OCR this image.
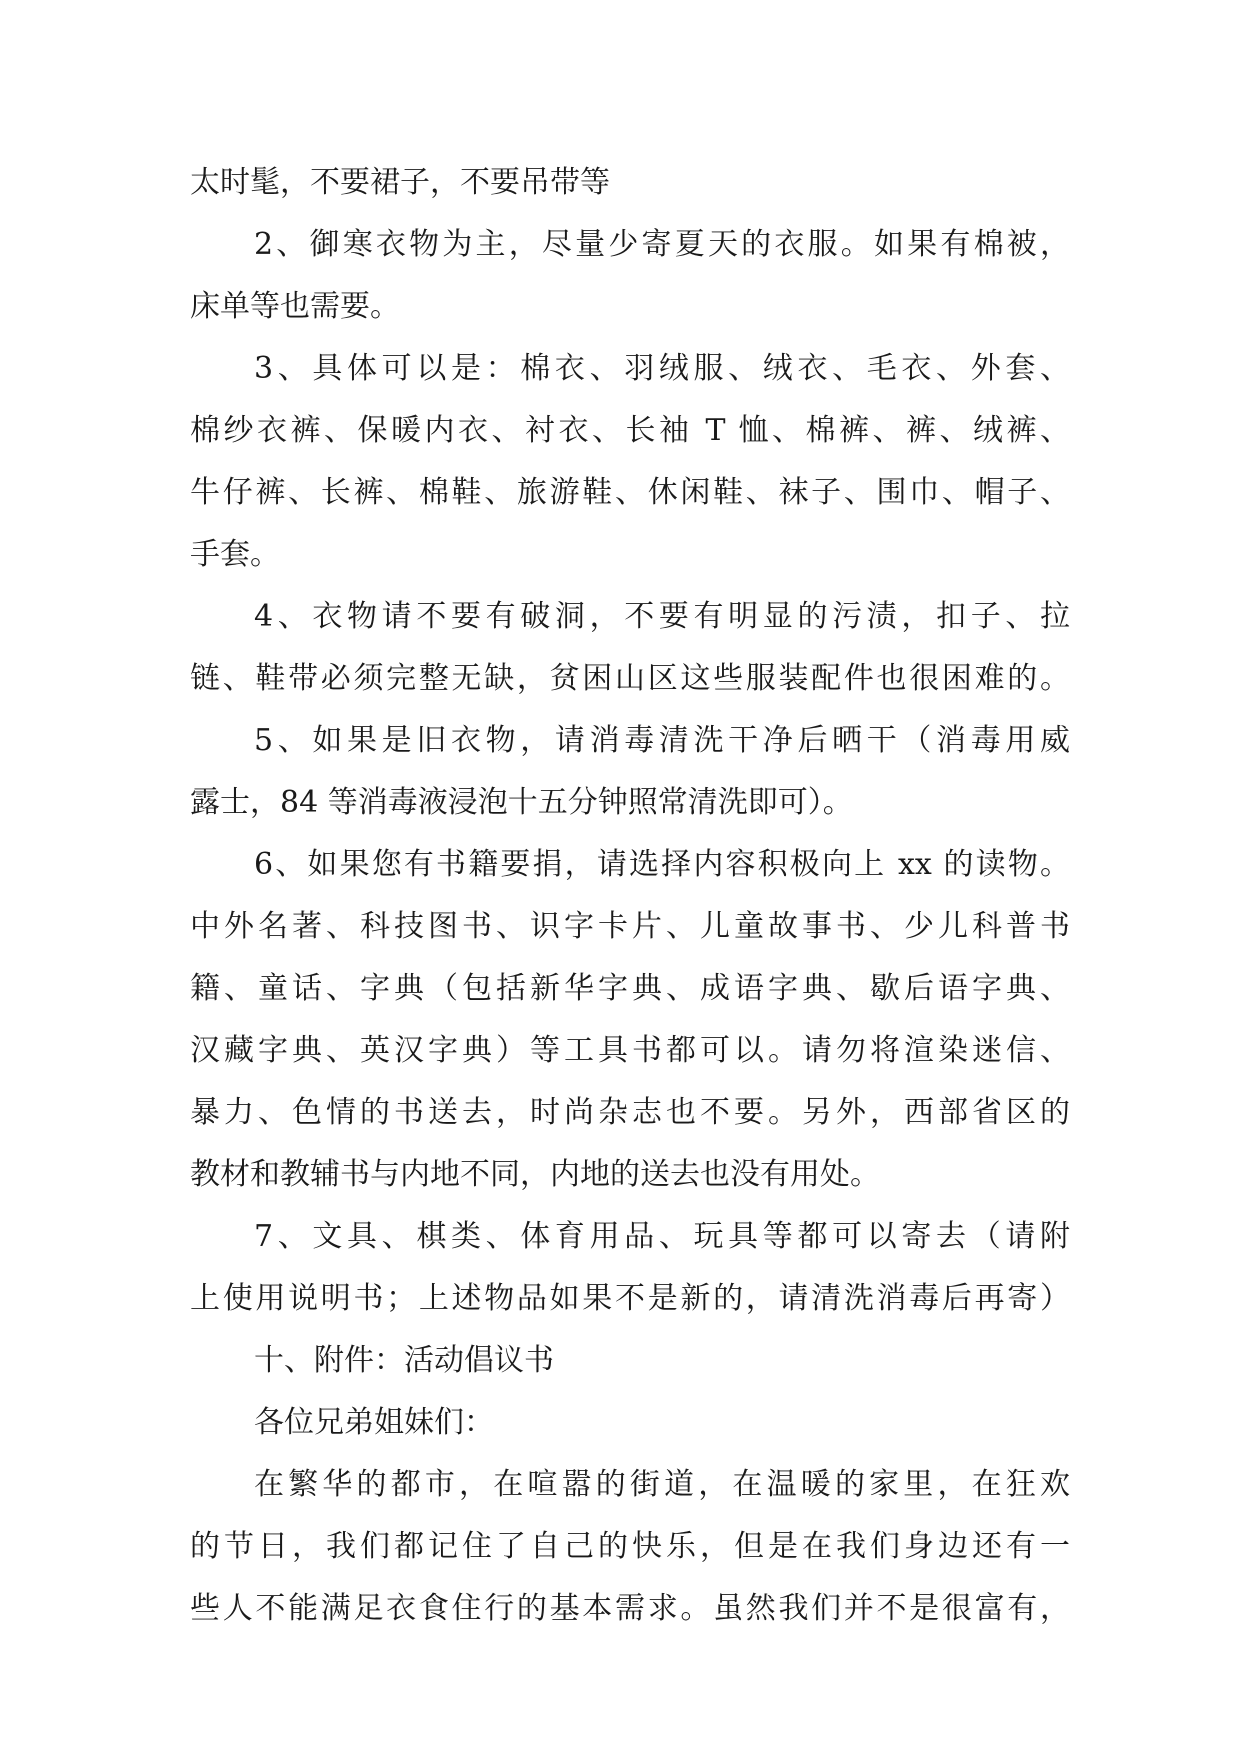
太时髦，不要裙子，不要吊带等
2、御寒衣物为主，尽量少寄夏天的衣服。如果有棉被，
床单等也需要。
3、具体可以是：棉衣、羽绒服、绒衣、毛衣、外套、
棉纱衣裤、保暖内衣、衬衣、长袖 T 恤、棉裤、裤、绒裤、
牛仔裤、长裤、棉鞋、旅游鞋、休闲鞋、袜子、围巾、帽子、
手套。
4、衣物请不要有破洞，不要有明显的污渍，扣子、拉
链、鞋带必须完整无缺，贫困山区这些服装配件也很困难的。
5、如果是旧衣物，请消毒清洗干净后晒干（消毒用威
露士，84 等消毒液浸泡十五分钟照常清洗即可）。
6、如果您有书籍要捐，请选择内容积极向上 xx 的读物。
中外名著、科技图书、识字卡片、儿童故事书、少儿科普书
籍、童话、字典（包括新华字典、成语字典、歇后语字典、
汉藏字典、英汉字典）等工具书都可以。请勿将渲染迷信、
暴力、色情的书送去，时尚杂志也不要。另外，西部省区的
教材和教辅书与内地不同，内地的送去也没有用处。
7、文具、棋类、体育用品、玩具等都可以寄去（请附
上使用说明书；上述物品如果不是新的，请清洗消毒后再寄）
十、附件：活动倡议书
各位兄弟姐妹们：
在繁华的都市，在喧嚣的街道，在温暖的家里，在狂欢
的节日，我们都记住了自己的快乐，但是在我们身边还有一
些人不能满足衣食住行的基本需求。虽然我们并不是很富有，
